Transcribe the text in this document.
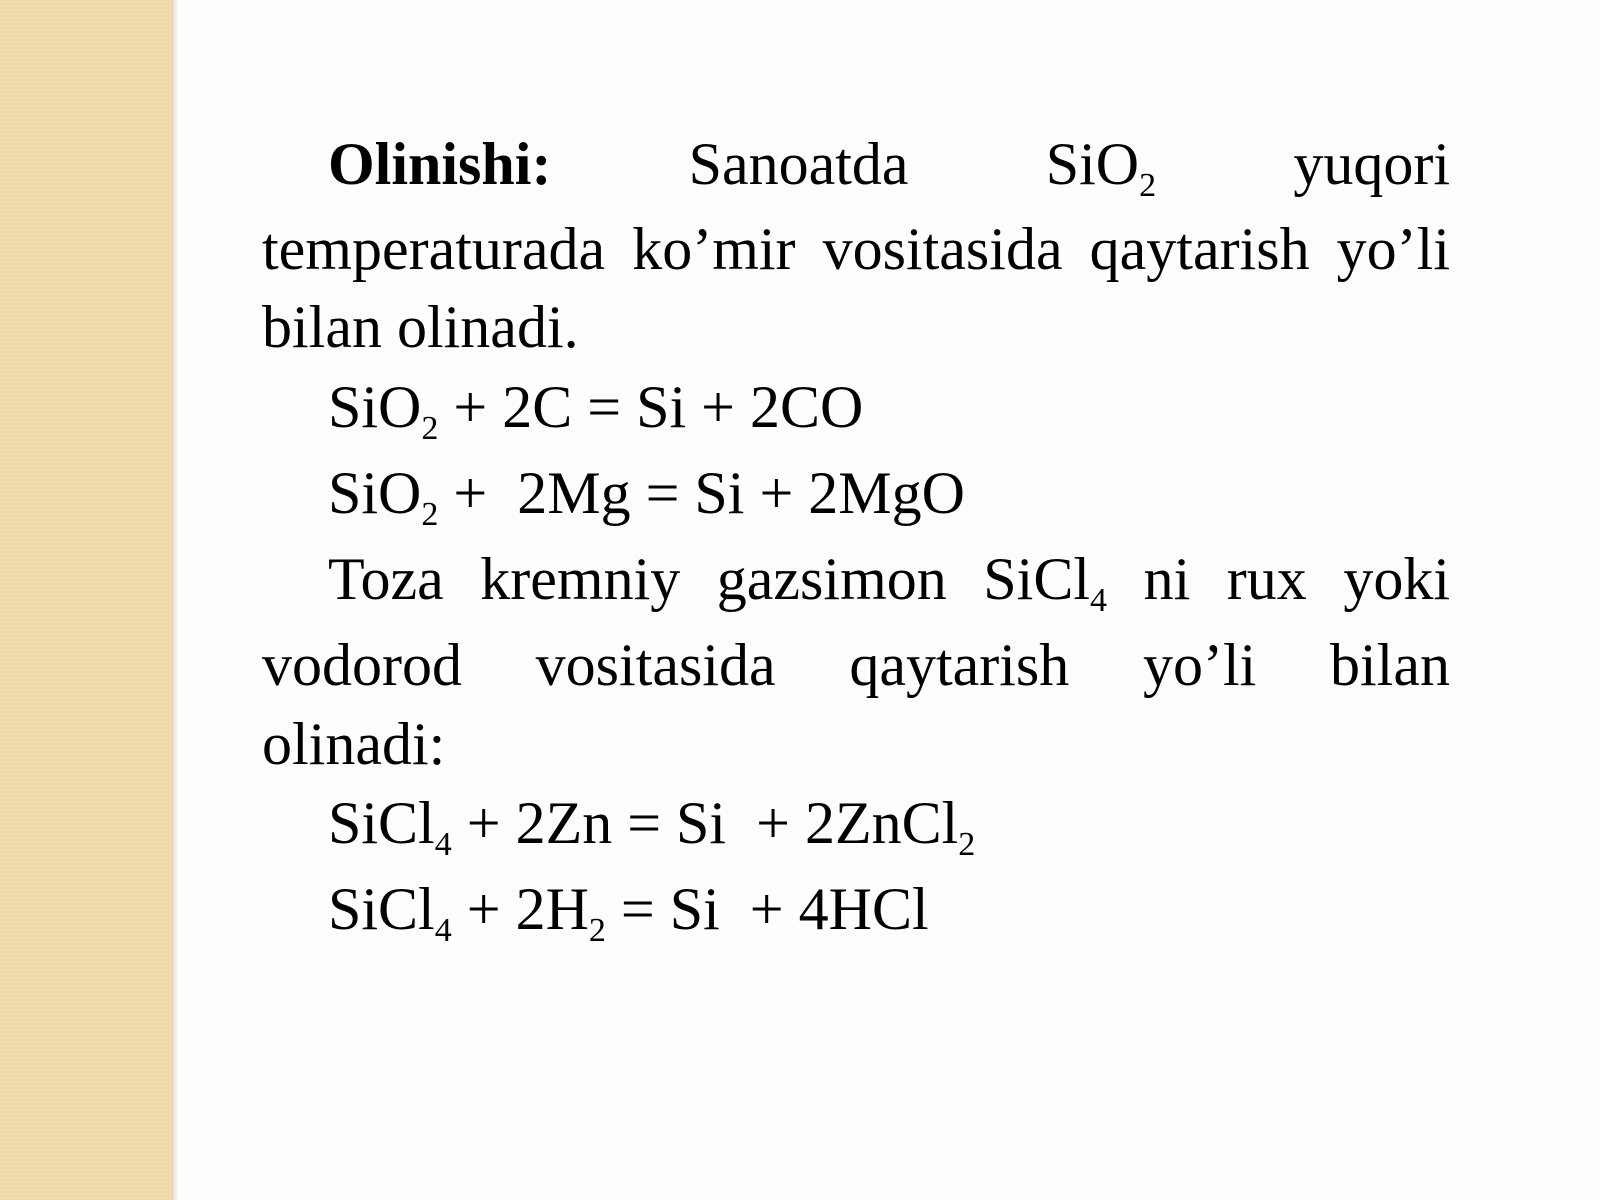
Olinishi: Sanoatda SiO$_2$ yuqori

temperaturada ko’mir vositasida qaytarish yo’li

bilan olinadi.

SiO$_2$ + 2C = Si + 2CO

SiO$_2$ +  2Mg = Si + 2MgO

Toza kremniy gazsimon SiCl$_4$ ni rux yoki
vodorod vositasida qaytarish yo’li bilan

olinadi:

SiCl$_4$ + 2Zn = Si  + 2ZnCl$_2$

SiCl$_4$ + $2H_2 = Si + 4HCl$
